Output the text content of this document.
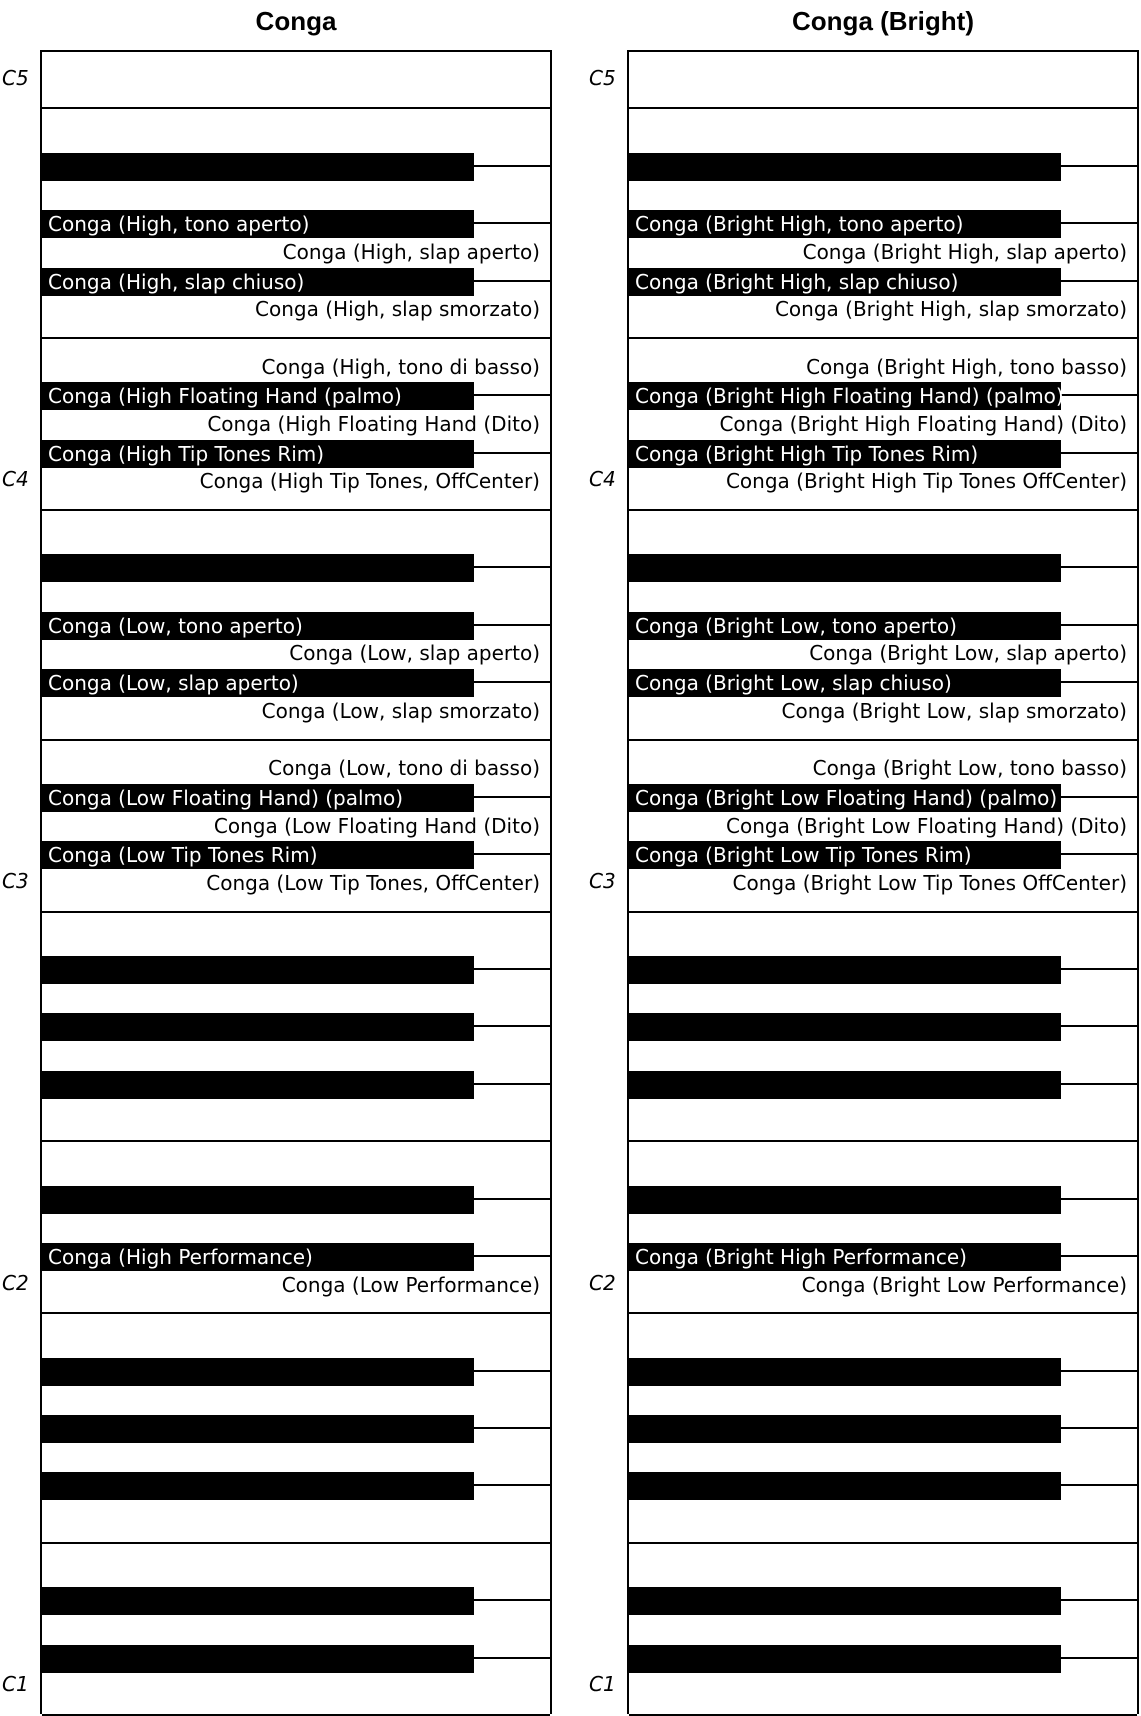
Conga
Conga (High, slap aperto)
Conga (High, slap smorzato)
Conga (High, tono di basso)
Conga (High Floating Hand (Dito)
Conga (High Tip Tones, OffCenter)
Conga (Low, slap aperto)
Conga (Low, slap smorzato)
Conga (Low, tono di basso)
Conga (Low Floating Hand (Dito)
Conga (Low Tip Tones, OffCenter)
Conga (Low Performance)
Conga (High, tono aperto)
Conga (High, slap chiuso)
Conga (High Floating Hand (palmo)
Conga (High Tip Tones Rim)
Conga (Low, tono aperto)
Conga (Low, slap aperto)
Conga (Low Floating Hand) (palmo)
Conga (Low Tip Tones Rim)
Conga (High Performance)
C5
C4
C3
C2
C1
Conga (Bright)
Conga (Bright High, slap aperto)
Conga (Bright High, slap smorzato)
Conga (Bright High, tono basso)
Conga (Bright High Floating Hand) (Dito)
Conga (Bright High Tip Tones OffCenter)
Conga (Bright Low, slap aperto)
Conga (Bright Low, slap smorzato)
Conga (Bright Low, tono basso)
Conga (Bright Low Floating Hand) (Dito)
Conga (Bright Low Tip Tones OffCenter)
Conga (Bright Low Performance)
Conga (Bright High, tono aperto)
Conga (Bright High, slap chiuso)
Conga (Bright High Floating Hand) (palmo)
Conga (Bright High Tip Tones Rim)
Conga (Bright Low, tono aperto)
Conga (Bright Low, slap chiuso)
Conga (Bright Low Floating Hand) (palmo)
Conga (Bright Low Tip Tones Rim)
Conga (Bright High Performance)
C5
C4
C3
C2
C1
